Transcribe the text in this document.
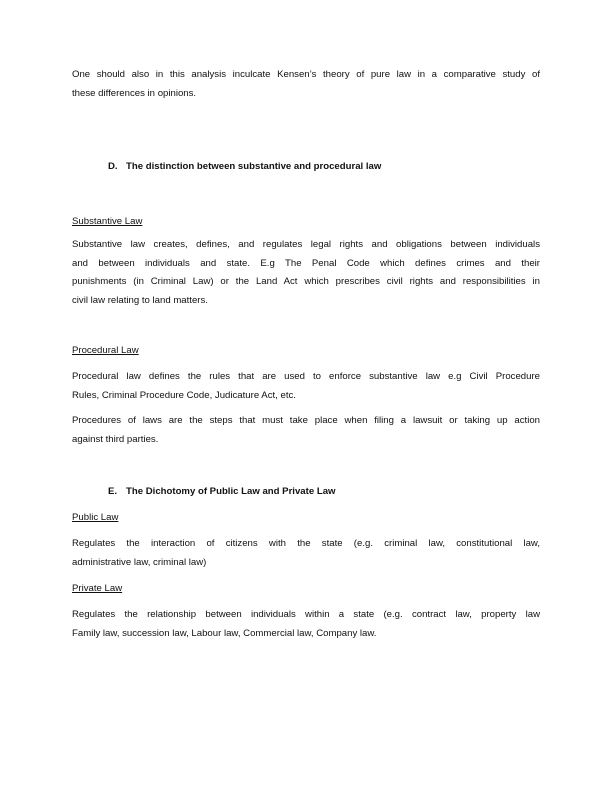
One should also in this analysis inculcate Kensen’s theory of pure law in a comparative study of
these differences in opinions.
D. The distinction between substantive and procedural law
Substantive Law
Substantive law creates, defines, and regulates legal rights and obligations between individuals
and between individuals and state. E.g The Penal Code which defines crimes and their
punishments (in Criminal Law) or the Land Act which prescribes civil rights and responsibilities in
civil law relating to land matters.
Procedural Law
Procedural law defines the rules that are used to enforce substantive law e.g Civil Procedure
Rules, Criminal Procedure Code, Judicature Act, etc.
Procedures of laws are the steps that must take place when filing a lawsuit or taking up action
against third parties.
E. The Dichotomy of Public Law and Private Law
Public Law
Regulates the interaction of citizens with the state (e.g. criminal law, constitutional law,
administrative law, criminal law)
Private Law
Regulates the relationship between individuals within a state (e.g. contract law, property law
Family law, succession law, Labour law, Commercial law, Company law.
